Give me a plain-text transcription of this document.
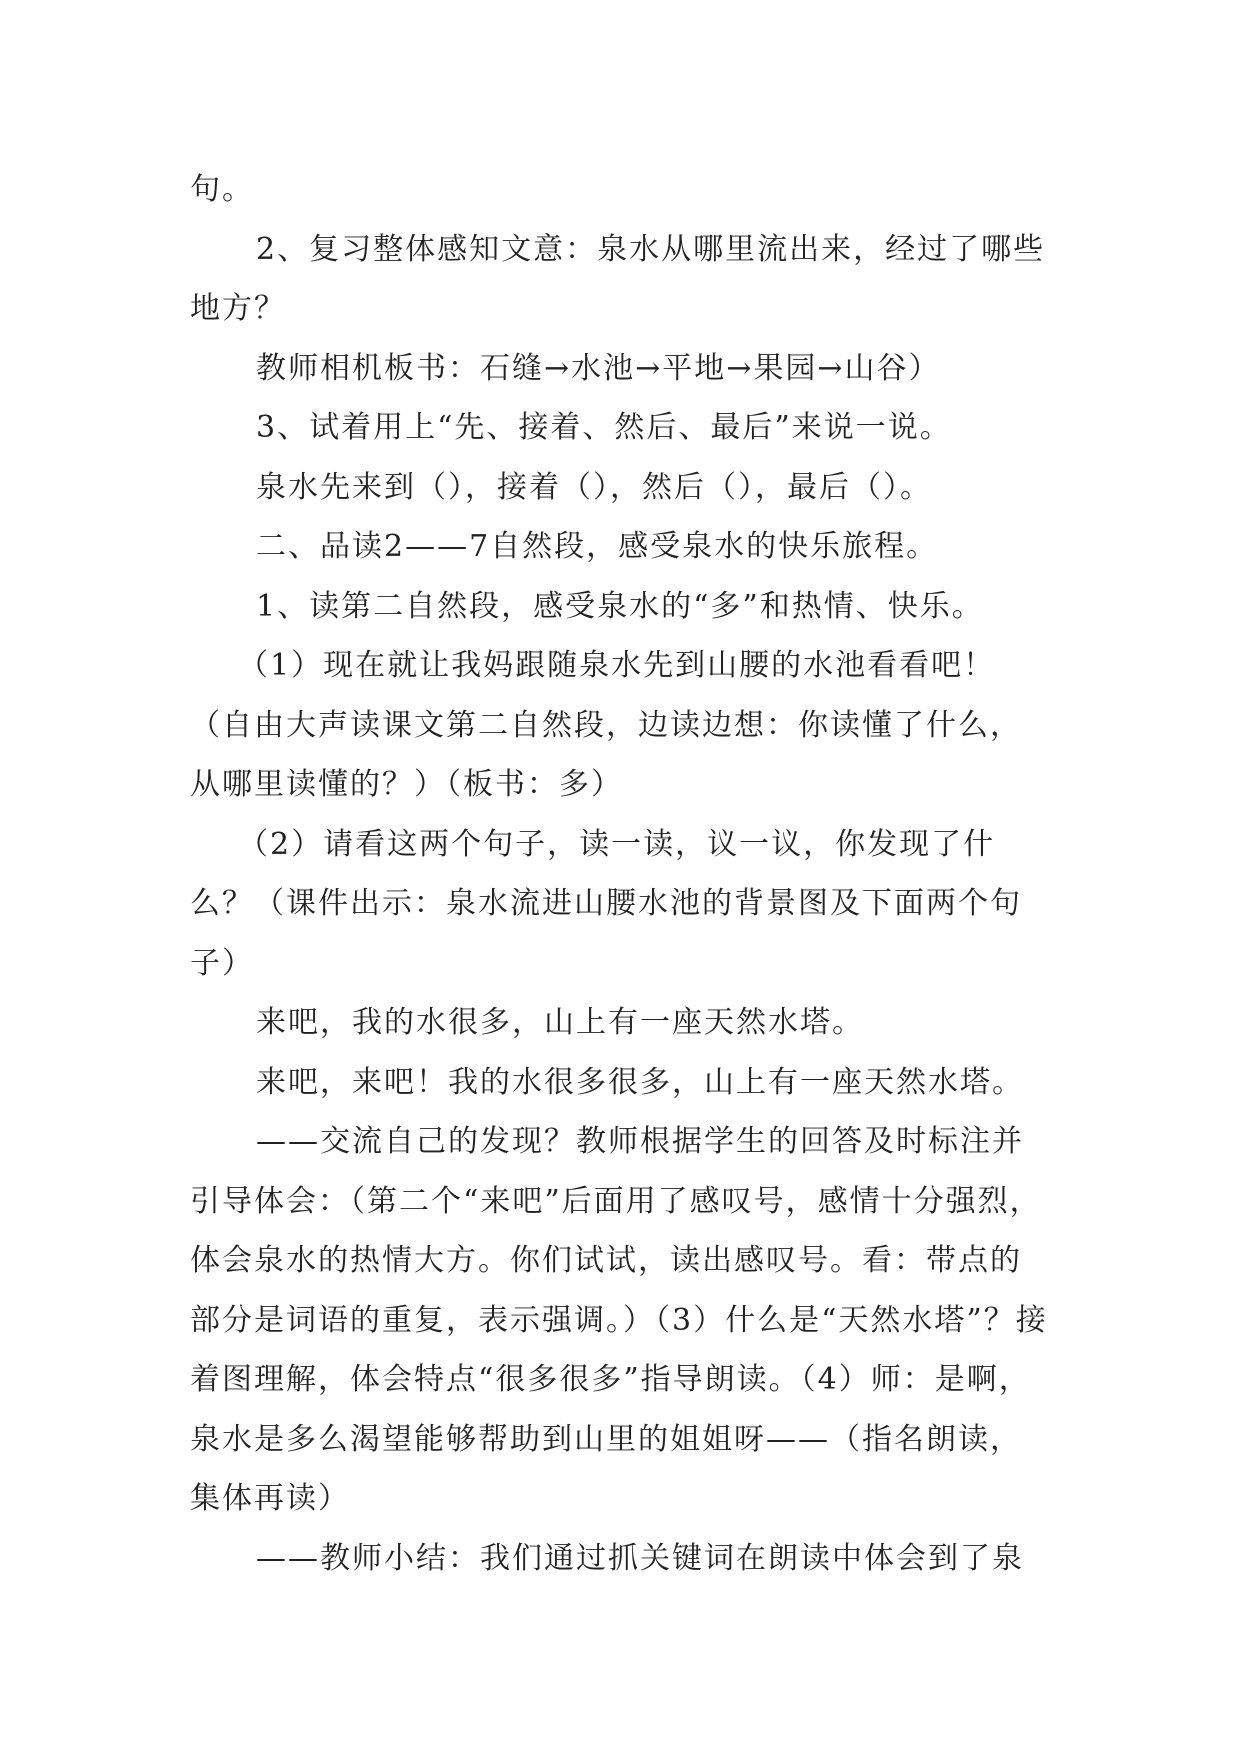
句。

2、复习整体感知文意：泉水从哪里流出来，经过了哪些地方？

教师相机板书：石缝→水池→平地→果园→山谷）

3、试着用上“先、接着、然后、最后”来说一说。

泉水先来到（），接着（），然后（），最后（）。

二、品读2——7自然段，感受泉水的快乐旅程。

1、读第二自然段，感受泉水的“多”和热情、快乐。

（1）现在就让我妈跟随泉水先到山腰的水池看看吧！（自由大声读课文第二自然段，边读边想：你读懂了什么，从哪里读懂的？）（板书：多）

（2）请看这两个句子，读一读，议一议，你发现了什么？（课件出示：泉水流进山腰水池的背景图及下面两个句子）

来吧，我的水很多，山上有一座天然水塔。

来吧，来吧！我的水很多很多，山上有一座天然水塔。

——交流自己的发现？教师根据学生的回答及时标注并引导体会：（第二个“来吧”后面用了感叹号，感情十分强烈，体会泉水的热情大方。你们试试，读出感叹号。看：带点的部分是词语的重复，表示强调。）（3）什么是“天然水塔”？接着图理解，体会特点“很多很多”指导朗读。（4）师：是啊，泉水是多么渴望能够帮助到山里的姐姐呀——（指名朗读，集体再读）

——教师小结：我们通过抓关键词在朗读中体会到了泉
